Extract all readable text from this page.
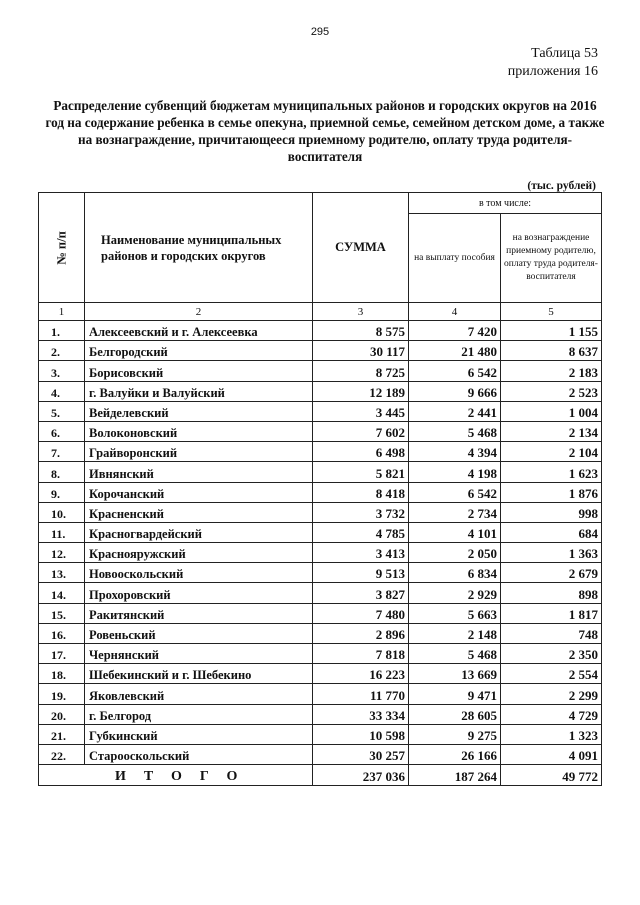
295
Таблица 53
приложения 16
Распределение субвенций бюджетам муниципальных районов и городских округов на 2016 год на содержание ребенка в семье опекуна, приемной семье, семейном детском доме, а также на вознаграждение, причитающееся приемному родителю, оплату труда родителя-воспитателя
(тыс. рублей)
№ п/п	Наименование муниципальных районов и городских округов	СУММА	в том числе:	
			на выплату пособия	на вознаграждение приемному родителю, оплату труда родителя-воспитателя
1	2	3	4	5
1.	Алексеевский и г. Алексеевка	8 575	7 420	1 155
2.	Белгородский	30 117	21 480	8 637
3.	Борисовский	8 725	6 542	2 183
4.	г. Валуйки и Валуйский	12 189	9 666	2 523
5.	Вейделевский	3 445	2 441	1 004
6.	Волоконовский	7 602	5 468	2 134
7.	Грайворонский	6 498	4 394	2 104
8.	Ивнянский	5 821	4 198	1 623
9.	Корочанский	8 418	6 542	1 876
10.	Красненский	3 732	2 734	998
11.	Красногвардейский	4 785	4 101	684
12.	Краснояружский	3 413	2 050	1 363
13.	Новооскольский	9 513	6 834	2 679
14.	Прохоровский	3 827	2 929	898
15.	Ракитянский	7 480	5 663	1 817
16.	Ровеньский	2 896	2 148	748
17.	Чернянский	7 818	5 468	2 350
18.	Шебекинский и г. Шебекино	16 223	13 669	2 554
19.	Яковлевский	11 770	9 471	2 299
20.	г. Белгород	33 334	28 605	4 729
21.	Губкинский	10 598	9 275	1 323
22.	Старооскольский	30 257	26 166	4 091
ИТОГО		237 036	187 264	49 772
